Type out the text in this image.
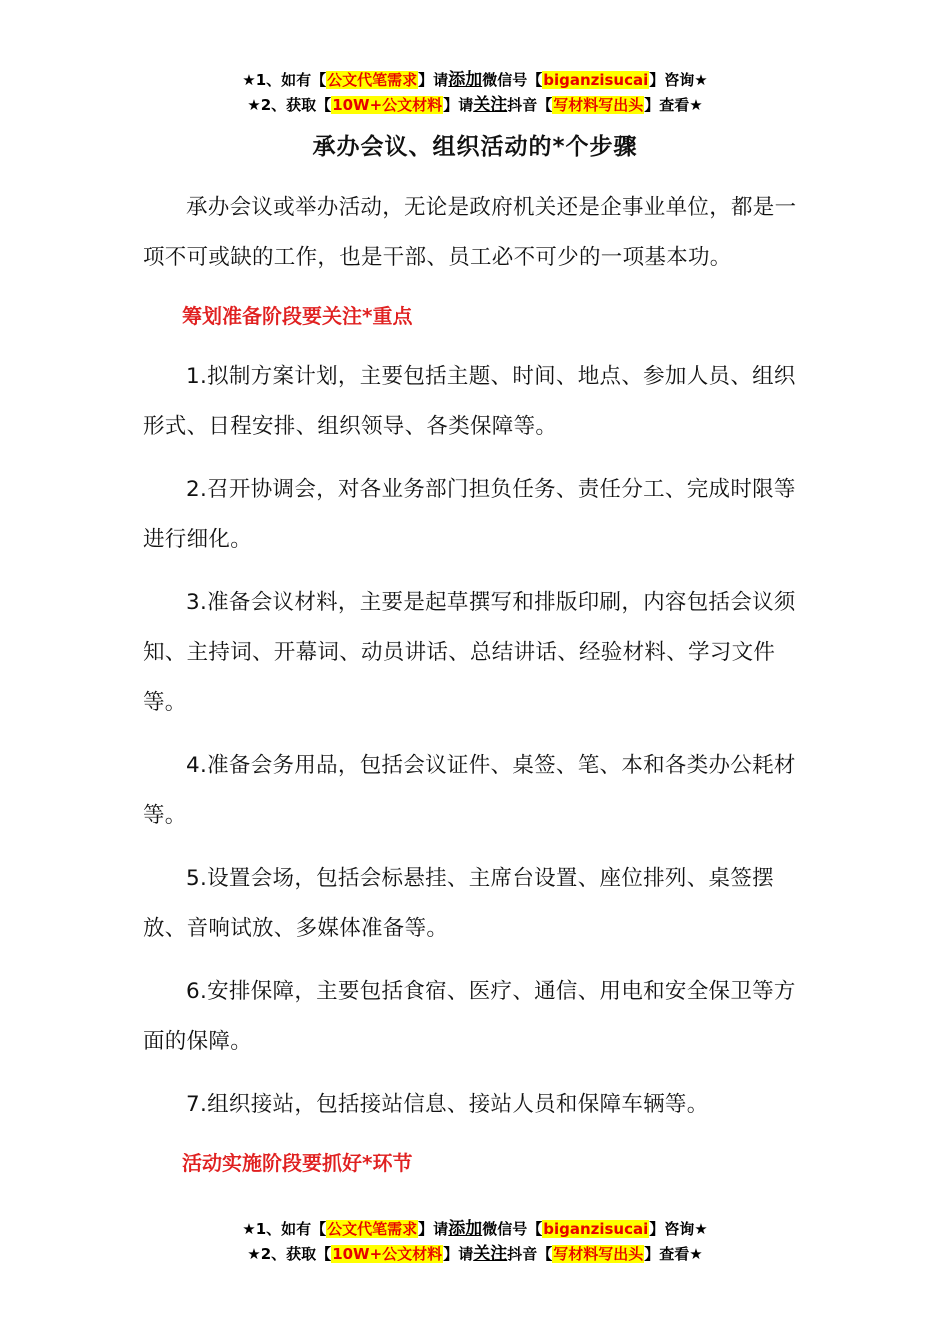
★1、如有【公文代笔需求】请添加微信号【biganzisucai】咨询★
★2、获取【10W+公文材料】请关注抖音【写材料写出头】查看★
承办会议、组织活动的*个步骤

承办会议或举办活动，无论是政府机关还是企事业单位，都是一项不可或缺的工作，也是干部、员工必不可少的一项基本功。

筹划准备阶段要关注*重点

1.拟制方案计划，主要包括主题、时间、地点、参加人员、组织形式、日程安排、组织领导、各类保障等。

2.召开协调会，对各业务部门担负任务、责任分工、完成时限等进行细化。

3.准备会议材料，主要是起草撰写和排版印刷，内容包括会议须知、主持词、开幕词、动员讲话、总结讲话、经验材料、学习文件等。

4.准备会务用品，包括会议证件、桌签、笔、本和各类办公耗材等。

5.设置会场，包括会标悬挂、主席台设置、座位排列、桌签摆放、音响试放、多媒体准备等。

6.安排保障，主要包括食宿、医疗、通信、用电和安全保卫等方面的保障。

7.组织接站，包括接站信息、接站人员和保障车辆等。

活动实施阶段要抓好*环节
★1、如有【公文代笔需求】请添加微信号【biganzisucai】咨询★
★2、获取【10W+公文材料】请关注抖音【写材料写出头】查看★
